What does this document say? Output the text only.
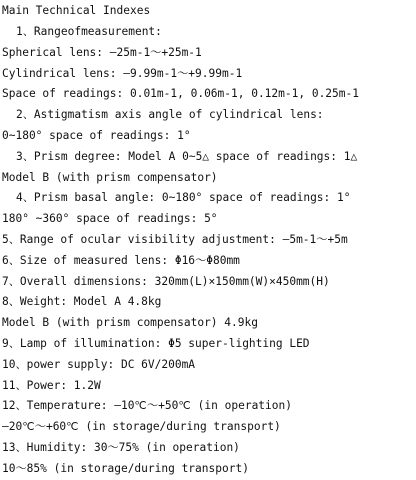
Main Technical Indexes
1、Rangeofmeasurement:
Spherical lens: —25m-1～+25m-1
Cylindrical lens: —9.99m-1～+9.99m-1
Space of readings: 0.01m-1, 0.06m-1, 0.12m-1, 0.25m-1
2、Astigmatism axis angle of cylindrical lens:
0~180° space of readings: 1°
3、Prism degree: Model A 0~5△ space of readings: 1△
Model B (with prism compensator)
4、Prism basal angle: 0~180° space of readings: 1°
180° ~360° space of readings: 5°
5、Range of ocular visibility adjustment: —5m-1～+5m
6、Size of measured lens: Φ16～Φ80mm
7、Overall dimensions: 320mm(L)×150mm(W)×450mm(H)
8、Weight: Model A 4.8kg
Model B (with prism compensator) 4.9kg
9、Lamp of illumination: Φ5 super-lighting LED
10、power supply: DC 6V/200mA
11、Power: 1.2W
12、Temperature: —10℃～+50℃ (in operation)
—20℃～+60℃ (in storage/during transport)
13、Humidity: 30～75% (in operation)
10～85% (in storage/during transport)
